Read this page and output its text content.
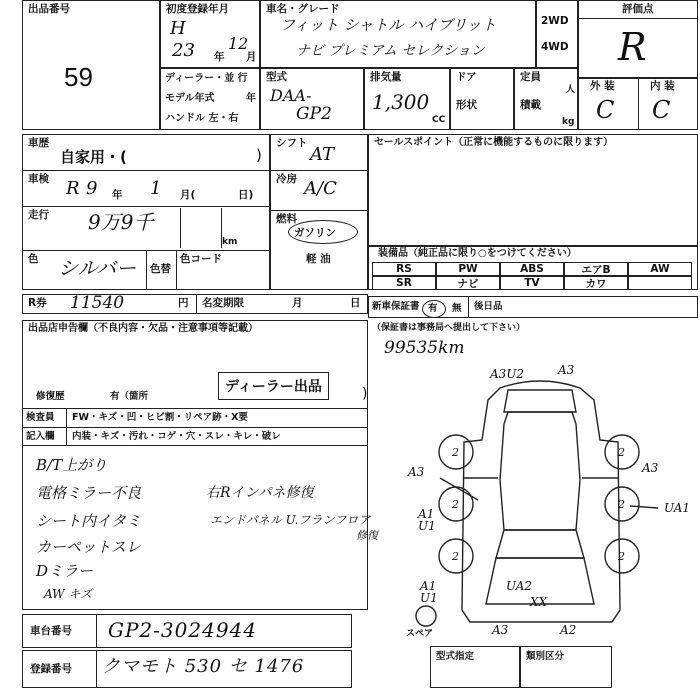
出品番号
59
初度登録年月
H
23 12
年 月
車名・グレード
フィット シャトル ハイブリット
ナビ プレミアム セレクション
2WD
4WD
評価点
R
ディーラー・並 行
モデル年式	年
ハンドル 左・右
型式
DAA-
GP2
排気量
1,300
CC
ドア
形状
定員
人
積載
kg
外 装	内 装
C C
車歴
自家用・(	)
車検 R 9 年 1 月(	日)
走行 9万9千
km
色 シルバー 色替
色コード
シフト
AT
冷房 A/C
燃料
ガソリン
軽 油
セールスポイント（正常に機能するものに限ります）
装備品（純正品に限り○をつけてください）
RS	PW	ABS	エアB	AW
SR	ナビ	TV	カワ
R券 11540	円 名変期限	月	日 新車保証書 有 無 後日品
（保証書は事務局へ提出して下さい）
99535km
出品店申告欄（不良内容・欠品・注意事項等記載）
修復歴	有（箇所
ディーラー出品	)
検査員
記入欄
FW・キズ・凹・ヒビ割・リペア跡・X要
内装・キズ・汚れ・コゲ・穴・スレ・キレ・破レ
B/T上がり
電格ミラー不良
シート内イタミ
カーペットスレ
Dミラー
AW キズ
右Rインパネ修復
エンドパネル U.フランフロア
修復
2	2
2	2
2	2
A3U2	A3
A3	A3
UA1
A1
U1
A1
U1
UA2
XX
A3	A2
スペア
車台番号 GP2-3024944
登録番号 クマモト 530 セ 1476	型式指定	類別区分
